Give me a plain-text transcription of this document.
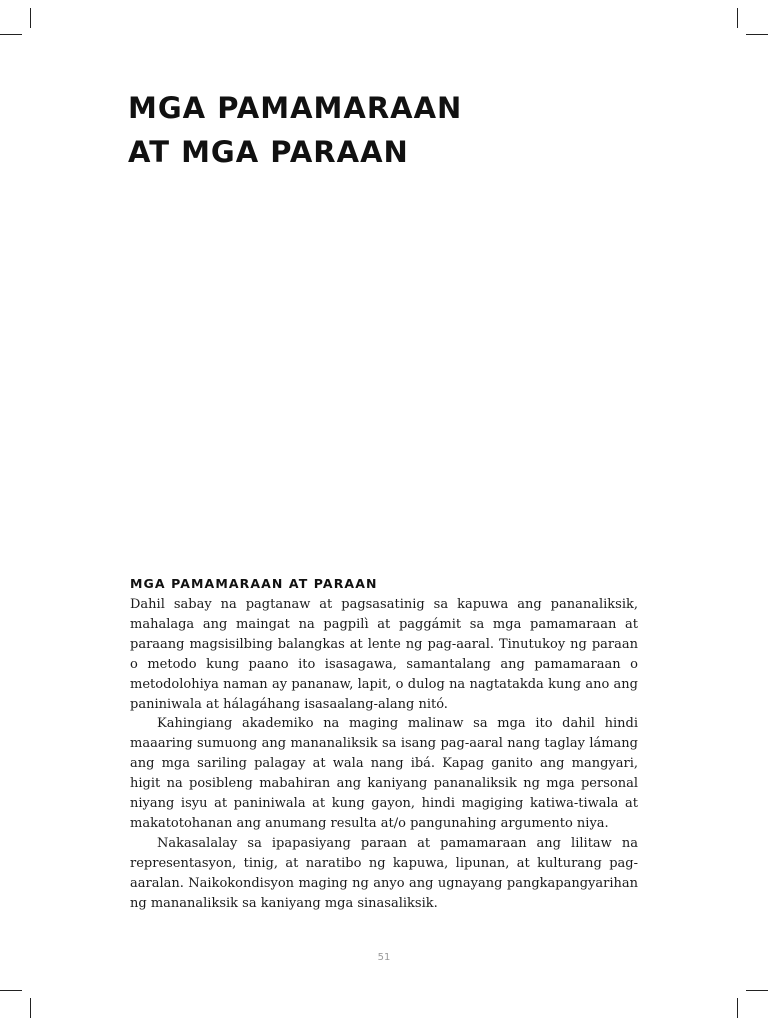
MGA PAMAMARAAN
AT MGA PARAAN
MGA PAMAMARAAN AT PARAAN

Dahil sabay na pagtanaw at pagsasatinig sa kapuwa ang pananaliksik, mahalaga ang maingat na pagpilì at paggámit sa mga pamamaraan at paraang magsisilbing balangkas at lente ng pag-aaral. Tinutukoy ng paraan o metodo kung paano ito isasagawa, samantalang ang pamamaraan o metodolohiya naman ay pananaw, lapit, o dulog na nagtatakda kung ano ang paniniwala at hálagáhang isasaalang-alang nitó.

Kahingiang akademiko na maging malinaw sa mga ito dahil hindi maaaring sumuong ang mananaliksik sa isang pag-aaral nang taglay lámang ang mga sariling palagay at wala nang ibá. Kapag ganito ang mangyari, higit na posibleng mabahiran ang kaniyang pananaliksik ng mga personal niyang isyu at paniniwala at kung gayon, hindi magiging katiwa-tiwala at makatotohanan ang anumang resulta at/o pangunahing argumento niya.

Nakasalalay sa ipapasiyang paraan at pamamaraan ang lilitaw na representasyon, tinig, at naratibo ng kapuwa, lipunan, at kulturang pag-aaralan. Naikokondisyon maging ng anyo ang ugnayang pangkapangyarihan ng mananaliksik sa kaniyang mga sinasaliksik.

51
